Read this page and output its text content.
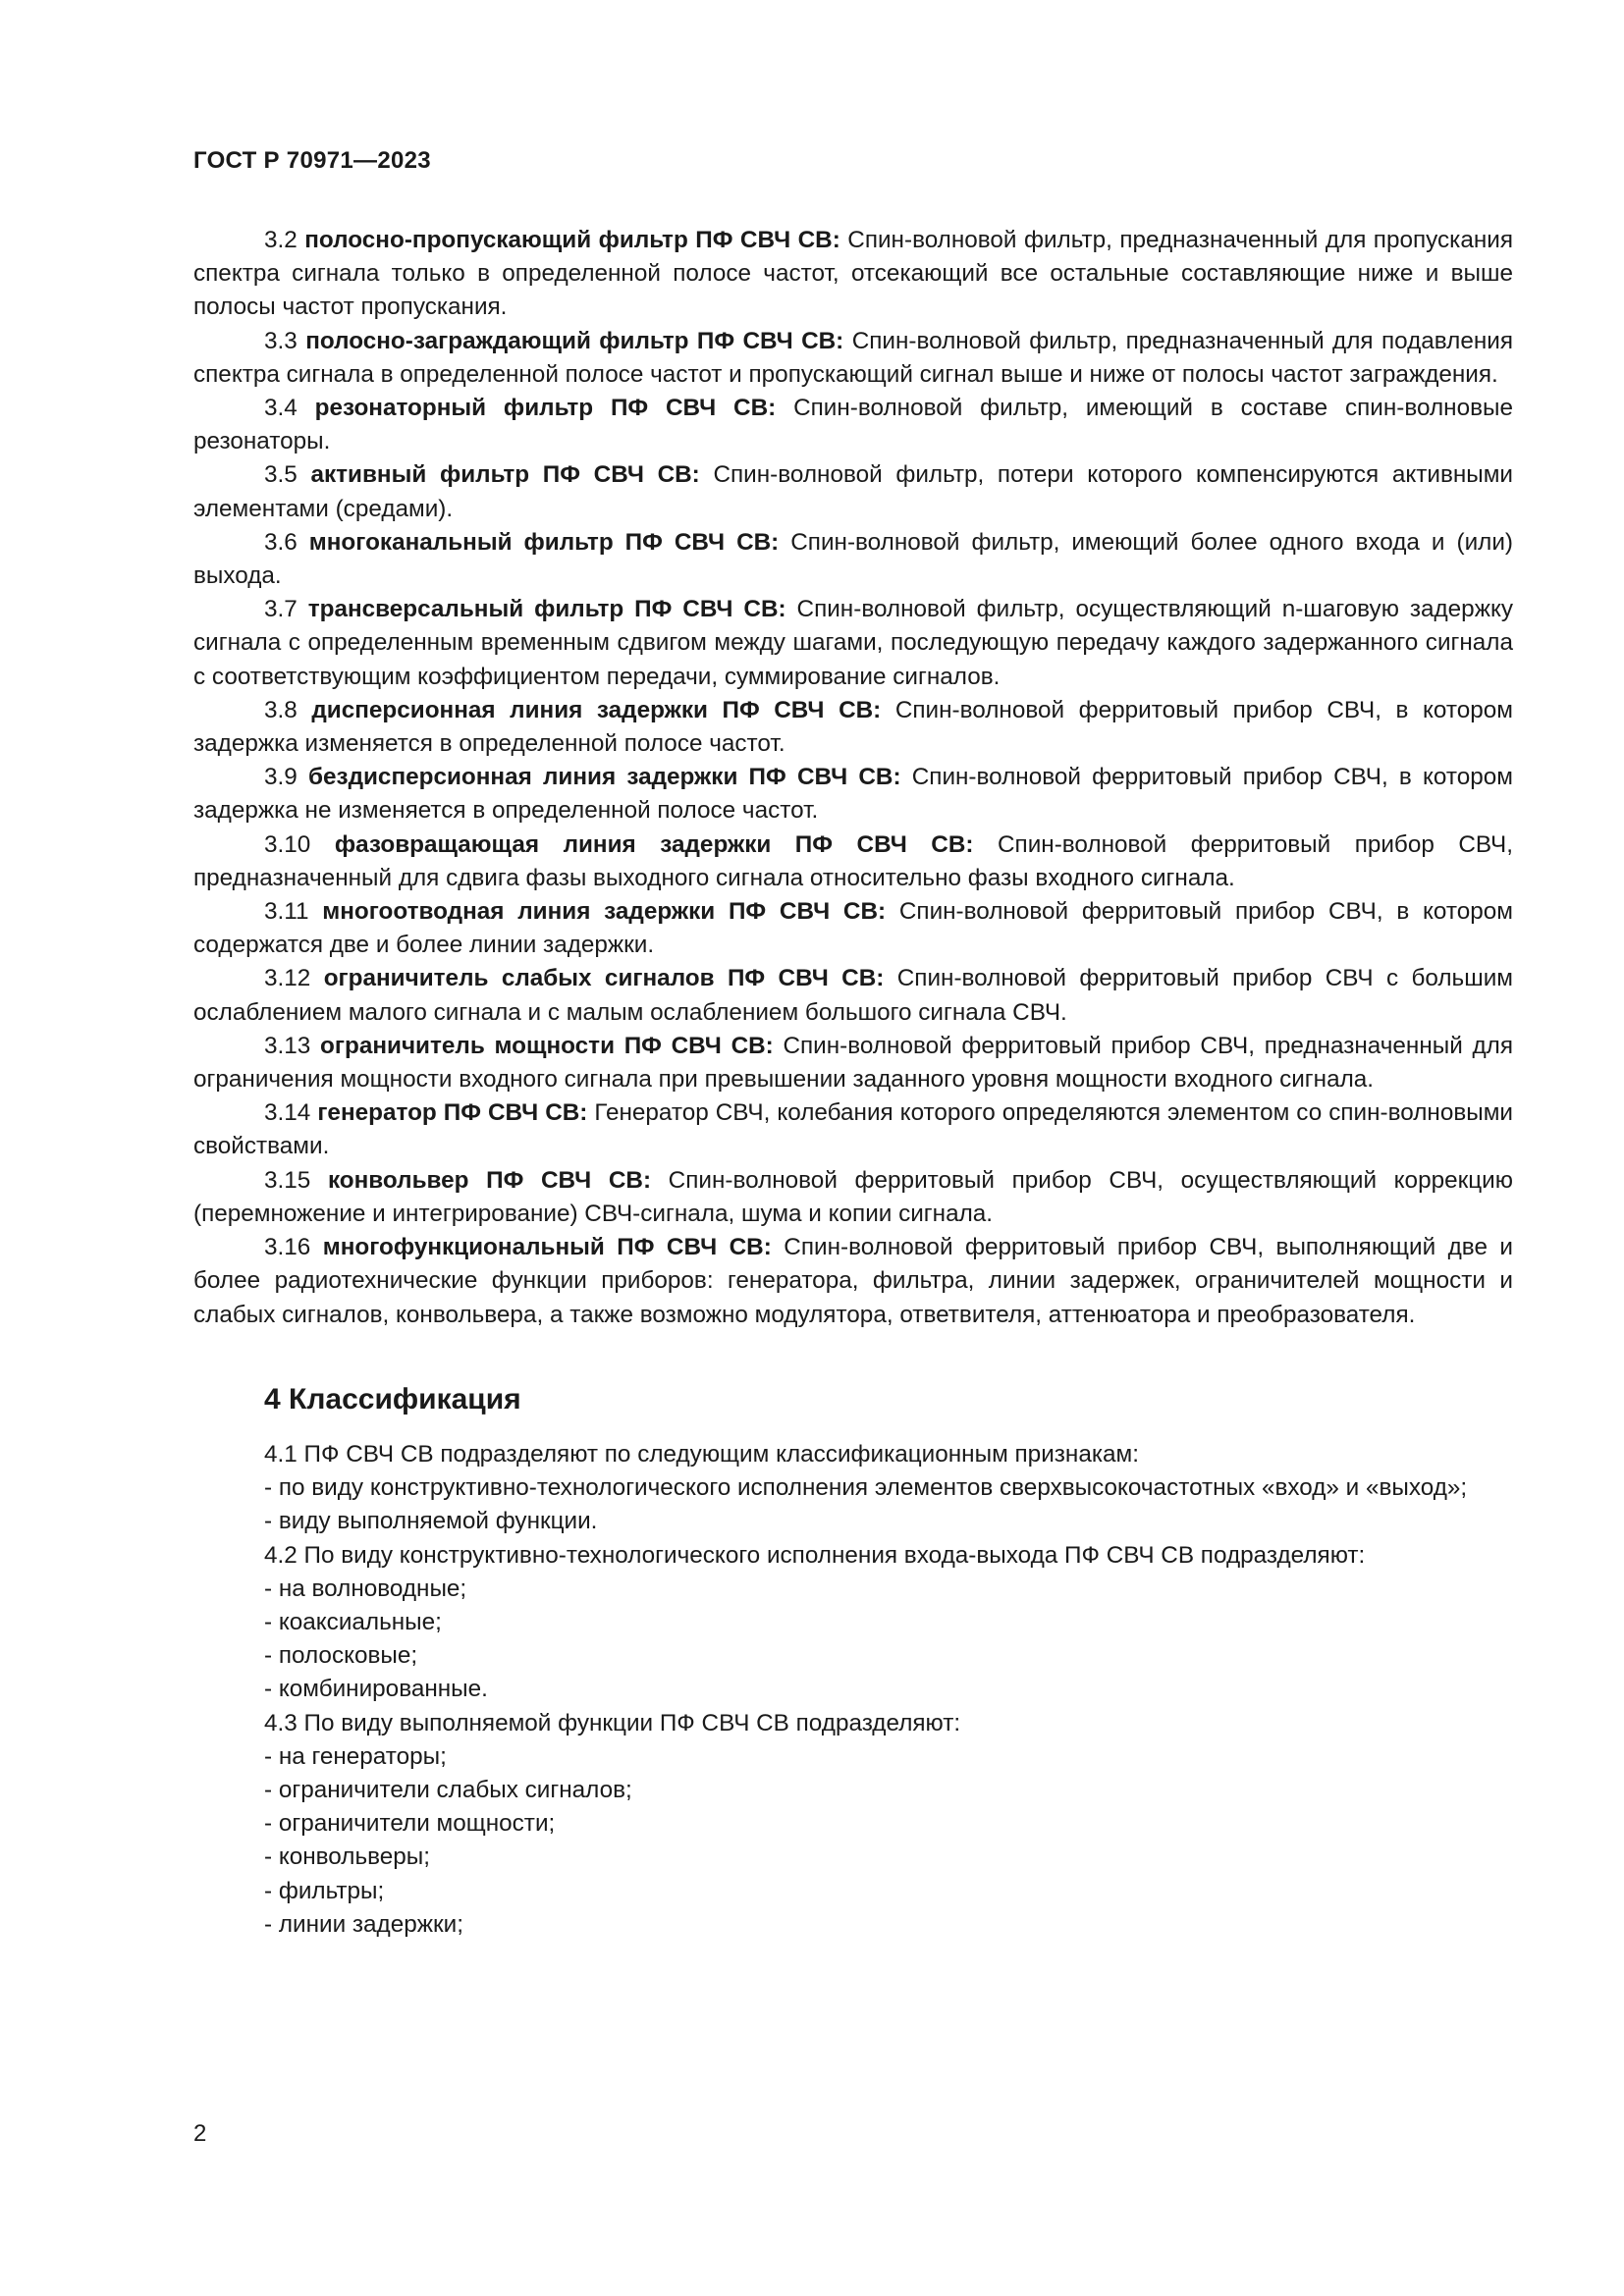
ГОСТ Р 70971—2023

3.2 полосно-пропускающий фильтр ПФ СВЧ СВ: Спин-волновой фильтр, предназначенный для пропускания спектра сигнала только в определенной полосе частот, отсекающий все остальные составляющие ниже и выше полосы частот пропускания.

3.3 полосно-заграждающий фильтр ПФ СВЧ СВ: Спин-волновой фильтр, предназначенный для подавления спектра сигнала в определенной полосе частот и пропускающий сигнал выше и ниже от полосы частот заграждения.

3.4 резонаторный фильтр ПФ СВЧ СВ: Спин-волновой фильтр, имеющий в составе спин-волновые резонаторы.

3.5 активный фильтр ПФ СВЧ СВ: Спин-волновой фильтр, потери которого компенсируются активными элементами (средами).

3.6 многоканальный фильтр ПФ СВЧ СВ: Спин-волновой фильтр, имеющий более одного входа и (или) выхода.

3.7 трансверсальный фильтр ПФ СВЧ СВ: Спин-волновой фильтр, осуществляющий n-шаговую задержку сигнала с определенным временным сдвигом между шагами, последующую передачу каждого задержанного сигнала с соответствующим коэффициентом передачи, суммирование сигналов.

3.8 дисперсионная линия задержки ПФ СВЧ СВ: Спин-волновой ферритовый прибор СВЧ, в котором задержка изменяется в определенной полосе частот.

3.9 бездисперсионная линия задержки ПФ СВЧ СВ: Спин-волновой ферритовый прибор СВЧ, в котором задержка не изменяется в определенной полосе частот.

3.10 фазовращающая линия задержки ПФ СВЧ СВ: Спин-волновой ферритовый прибор СВЧ, предназначенный для сдвига фазы выходного сигнала относительно фазы входного сигнала.

3.11 многоотводная линия задержки ПФ СВЧ СВ: Спин-волновой ферритовый прибор СВЧ, в котором содержатся две и более линии задержки.

3.12 ограничитель слабых сигналов ПФ СВЧ СВ: Спин-волновой ферритовый прибор СВЧ с большим ослаблением малого сигнала и с малым ослаблением большого сигнала СВЧ.

3.13 ограничитель мощности ПФ СВЧ СВ: Спин-волновой ферритовый прибор СВЧ, предназначенный для ограничения мощности входного сигнала при превышении заданного уровня мощности входного сигнала.

3.14 генератор ПФ СВЧ СВ: Генератор СВЧ, колебания которого определяются элементом со спин-волновыми свойствами.

3.15 конвольвер ПФ СВЧ СВ: Спин-волновой ферритовый прибор СВЧ, осуществляющий коррекцию (перемножение и интегрирование) СВЧ-сигнала, шума и копии сигнала.

3.16 многофункциональный ПФ СВЧ СВ: Спин-волновой ферритовый прибор СВЧ, выполняющий две и более радиотехнические функции приборов: генератора, фильтра, линии задержек, ограничителей мощности и слабых сигналов, конвольвера, а также возможно модулятора, ответвителя, аттенюатора и преобразователя.

4 Классификация

4.1 ПФ СВЧ СВ подразделяют по следующим классификационным признакам:

- по виду конструктивно-технологического исполнения элементов сверхвысокочастотных «вход» и «выход»;
- виду выполняемой функции.

4.2 По виду конструктивно-технологического исполнения входа-выхода ПФ СВЧ СВ подразделяют:

- на волноводные;
- коаксиальные;
- полосковые;
- комбинированные.

4.3 По виду выполняемой функции ПФ СВЧ СВ подразделяют:

- на генераторы;
- ограничители слабых сигналов;
- ограничители мощности;
- конвольверы;
- фильтры;
- линии задержки;
2
